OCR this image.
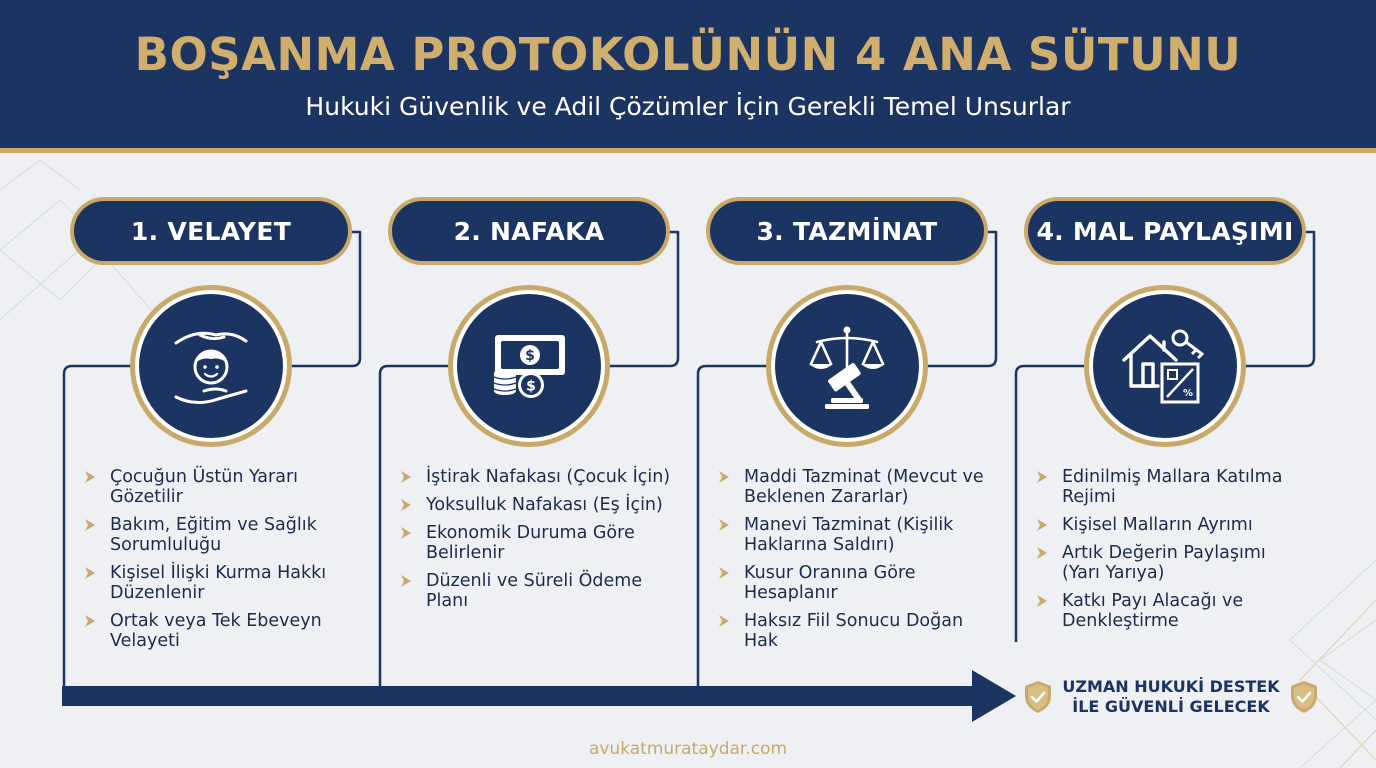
BOŞANMA PROTOKOLÜNÜN 4 ANA SÜTUNU
Hukuki Güvenlik ve Adil Çözümler İçin Gerekli Temel Unsurlar
1. VELAYET
Çocuğun Üstün Yararı Gözetilir
Bakım, Eğitim ve Sağlık Sorumluluğu
Kişisel İlişki Kurma Hakkı Düzenlenir
Ortak veya Tek Ebeveyn Velayeti
2. NAFAKA
$
$
İştirak Nafakası (Çocuk İçin)
Yoksulluk Nafakası (Eş İçin)
Ekonomik Duruma Göre Belirlenir
Düzenli ve Süreli Ödeme Planı
3. TAZMİNAT
Maddi Tazminat (Mevcut ve Beklenen Zararlar)
Manevi Tazminat (Kişilik Haklarına Saldırı)
Kusur Oranına Göre Hesaplanır
Haksız Fiil Sonucu Doğan Hak
4. MAL PAYLAŞIMI
%
Edinilmiş Mallara Katılma Rejimi
Kişisel Malların Ayrımı
Artık Değerin Paylaşımı (Yarı Yarıya)
Katkı Payı Alacağı ve Denkleştirme
UZMAN HUKUKİ DESTEK
İLE GÜVENLİ GELECEK
avukatmurataydar.com
